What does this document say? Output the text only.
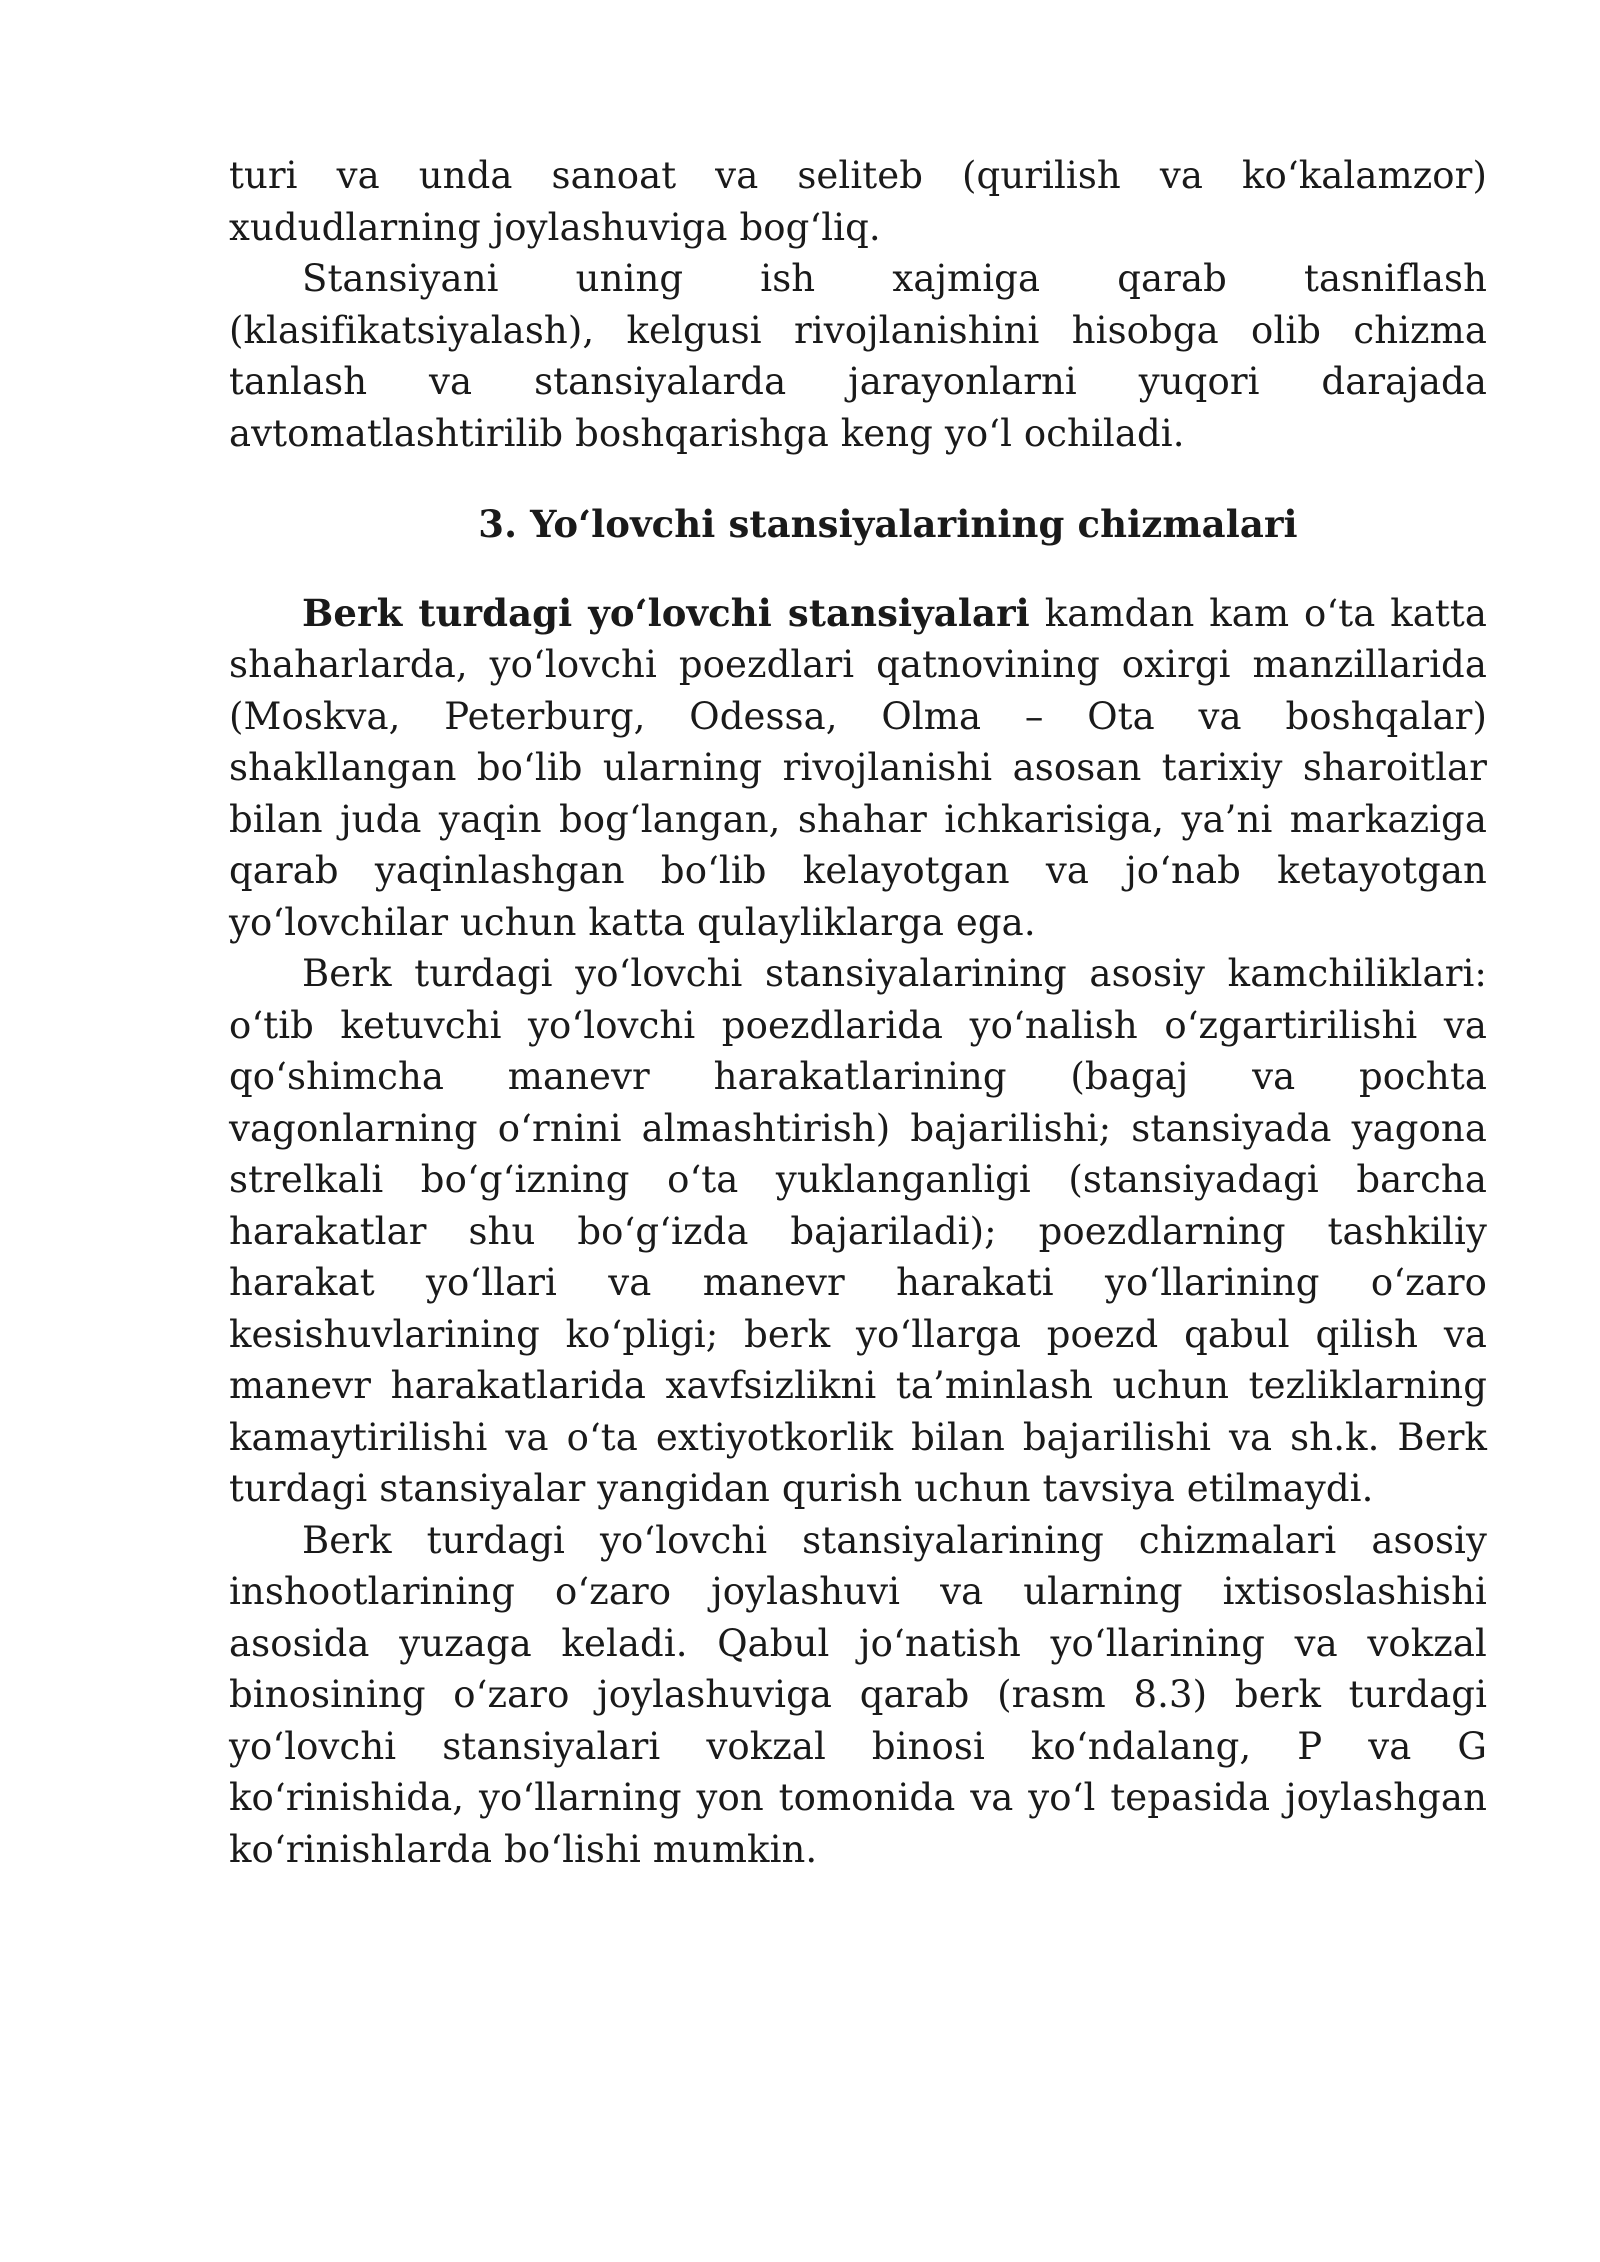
turi va unda sanoat va seliteb (qurilish va ko‘kalamzor) xududlarning joylashuviga bog‘liq.

Stansiyani uning ish xajmiga qarab tasniflash (klasifikatsiyalash), kelgusi rivojlanishini hisobga olib chizma tanlash va stansiyalarda jarayonlarni yuqori darajada avtomatlashtirilib boshqarishga keng yo‘l ochiladi.

3. Yo‘lovchi stansiyalarining chizmalari

Berk turdagi yo‘lovchi stansiyalari kamdan kam o‘ta katta shaharlarda, yo‘lovchi poezdlari qatnovining oxirgi manzillarida (Moskva, Peterburg, Odessa, Olma – Ota va boshqalar) shakllangan bo‘lib ularning rivojlanishi asosan tarixiy sharoitlar bilan juda yaqin bog‘langan, shahar ichkarisiga, ya’ni markaziga qarab yaqinlashgan bo‘lib kelayotgan va jo‘nab ketayotgan yo‘lovchilar uchun katta qulayliklarga ega.

Berk turdagi yo‘lovchi stansiyalarining asosiy kamchiliklari: o‘tib ketuvchi yo‘lovchi poezdlarida yo‘nalish o‘zgartirilishi va qo‘shimcha manevr harakatlarining (bagaj va pochta vagonlarning o‘rnini almashtirish) bajarilishi; stansiyada yagona strelkali bo‘g‘izning o‘ta yuklanganligi (stansiyadagi barcha harakatlar shu bo‘g‘izda bajariladi); poezdlarning tashkiliy harakat yo‘llari va manevr harakati yo‘llarining o‘zaro kesishuvlarining ko‘pligi; berk yo‘llarga poezd qabul qilish va manevr harakatlarida xavfsizlikni ta’minlash uchun tezliklarning kamaytirilishi va o‘ta extiyotkorlik bilan bajarilishi va sh.k. Berk turdagi stansiyalar yangidan qurish uchun tavsiya etilmaydi.

Berk turdagi yo‘lovchi stansiyalarining chizmalari asosiy inshootlarining o‘zaro joylashuvi va ularning ixtisoslashishi asosida yuzaga keladi. Qabul jo‘natish yo‘llarining va vokzal binosining o‘zaro joylashuviga qarab (rasm 8.3) berk turdagi yo‘lovchi stansiyalari vokzal binosi ko‘ndalang, P va G ko‘rinishida, yo‘llarning yon tomonida va yo‘l tepasida joylashgan ko‘rinishlarda bo‘lishi mumkin.
